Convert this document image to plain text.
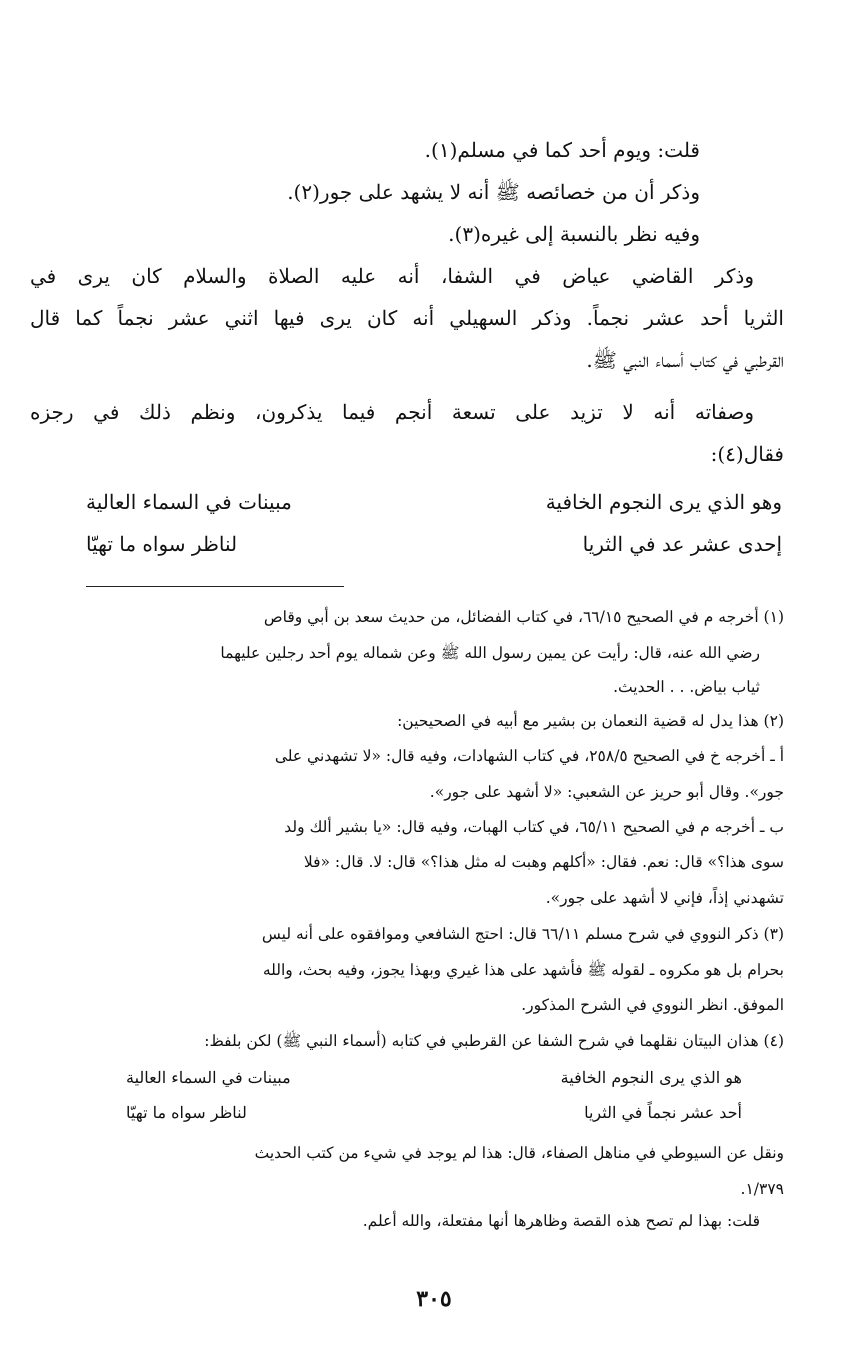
قلت: ويوم أحد كما في مسلم(١).
وذكر أن من خصائصه ﷺ أنه لا يشهد على جور(٢).
وفيه نظر بالنسبة إلى غيره(٣).
وذكر القاضي عياض في الشفا، أنه عليه الصلاة والسلام كان يرى في
الثريا أحد عشر نجماً. وذكر السهيلي أنه كان يرى فيها اثني عشر نجماً كما قال
القرطبي في كتاب أسماء النبي ﷺ.
وصفاته أنه لا تزيد على تسعة أنجم فيما يذكرون، ونظم ذلك في رجزه
فقال(٤):
وهو الذي يرى النجوم الخافية
مبينات في السماء العالية
إحدى عشر عد في الثريا
لناظر سواه ما تهيّا
(١) أخرجه م في الصحيح ٦٦/١٥، في كتاب الفضائل، من حديث سعد بن أبي وقاص
رضي الله عنه، قال: رأيت عن يمين رسول الله ﷺ وعن شماله يوم أحد رجلين عليهما
ثياب بياض. . . الحديث.
(٢) هذا يدل له قضية النعمان بن بشير مع أبيه في الصحيحين:
أ ـ أخرجه خ في الصحيح ٢٥٨/٥، في كتاب الشهادات، وفيه قال: «لا تشهدني على
جور». وقال أبو حريز عن الشعبي: «لا أشهد على جور».
ب ـ أخرجه م في الصحيح ٦٥/١١، في كتاب الهبات، وفيه قال: «يا بشير ألك ولد
سوى هذا؟» قال: نعم. فقال: «أكلهم وهبت له مثل هذا؟» قال: لا. قال: «فلا
تشهدني إذاً، فإني لا أشهد على جور».
(٣) ذكر النووي في شرح مسلم ٦٦/١١ قال: احتج الشافعي وموافقوه على أنه ليس
بحرام بل هو مكروه ـ لقوله ﷺ فأشهد على هذا غيري وبهذا يجوز، وفيه بحث، والله
الموفق. انظر النووي في الشرح المذكور.
(٤) هذان البيتان نقلهما في شرح الشفا عن القرطبي في كتابه (أسماء النبي ﷺ) لكن بلفظ:
ونقل عن السيوطي في مناهل الصفاء، قال: هذا لم يوجد في شيء من كتب الحديث
١/٣٧٩.
قلت: بهذا لم تصح هذه القصة وظاهرها أنها مفتعلة، والله أعلم.
هو الذي يرى النجوم الخافية
مبينات في السماء العالية
أحد عشر نجماً في الثريا
لناظر سواه ما تهيّا
٣٠٥
